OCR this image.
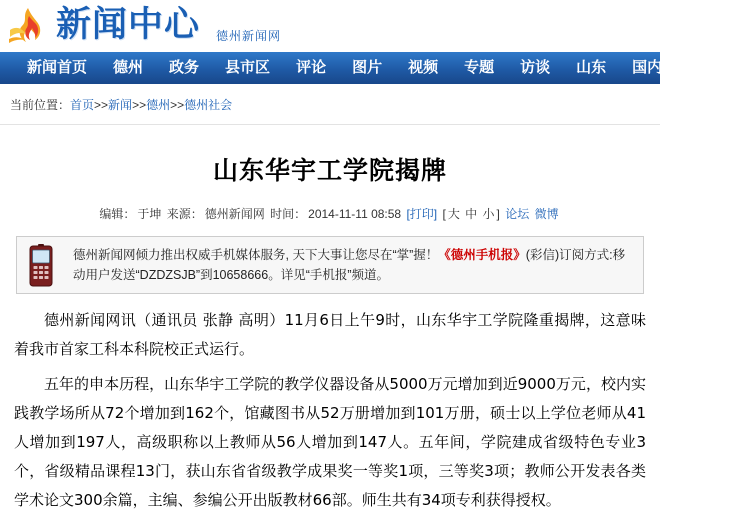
新闻中心 德州新闻网
新闻首页	德州	政务	县市区	评论	图片	视频	专题	访谈	山东	国内	国际
当前位置：首页>>新闻>>德州>>德州社会
山东华宇工学院揭牌
编辑： 于坤 来源： 德州新闻网 时间： 2014-11-11 08:58 [打印] [ 大 中 小 ] 论坛 微博
德州新闻网倾力推出权威手机媒体服务, 天下大事让您尽在“掌”握！《德州手机报》(彩信)订阅方式:移动用户发送“DZDZSJB”到10658666。详见“手机报”频道。

德州新闻网讯（通讯员 张静 高明）11月6日上午9时，山东华宇工学院隆重揭牌，这意味着我市首家工科本科院校正式运行。

五年的申本历程，山东华宇工学院的教学仪器设备从5000万元增加到近9000万元，校内实践教学场所从72个增加到162个，馆藏图书从52万册增加到101万册，硕士以上学位老师从41人增加到197人，高级职称以上教师从56人增加到147人。五年间，学院建成省级特色专业3个，省级精品课程13门，获山东省省级教学成果奖一等奖1项，三等奖3项；教师公开发表各类学术论文300余篇，主编、参编公开出版教材66部。师生共有34项专利获得授权。
